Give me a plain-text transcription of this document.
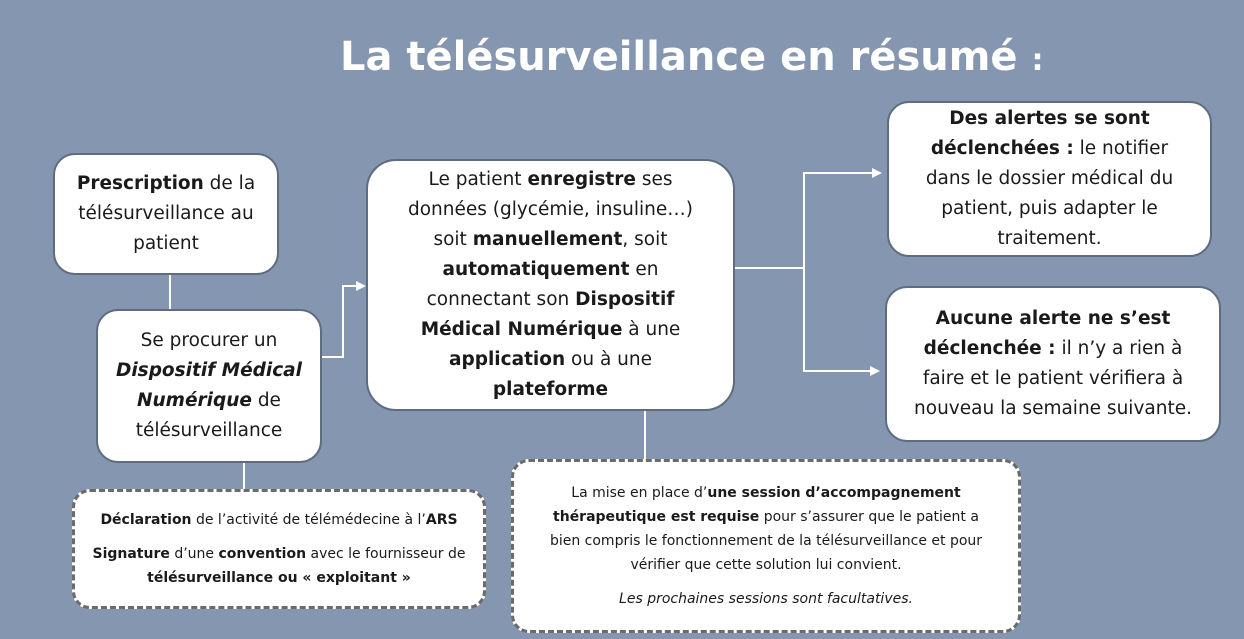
La télésurveillance en résumé :

Prescription de la télésurveillance au patient

Se procurer un Dispositif Médical Numérique de télésurveillance

Déclaration de l’activité de télémédecine à l’ARS

Signature d’une convention avec le fournisseur de télésurveillance ou « exploitant »

Le patient enregistre ses données (glycémie, insuline…) soit manuellement, soit automatiquement en connectant son Dispositif Médical Numérique à une application ou à une plateforme

Des alertes se sont déclenchées : le notifier dans le dossier médical du patient, puis adapter le traitement.

Aucune alerte ne s’est déclenchée : il n’y a rien à faire et le patient vérifiera à nouveau la semaine suivante.

La mise en place d’une session d’accompagnement thérapeutique est requise pour s’assurer que le patient a bien compris le fonctionnement de la télésurveillance et pour vérifier que cette solution lui convient.

Les prochaines sessions sont facultatives.
